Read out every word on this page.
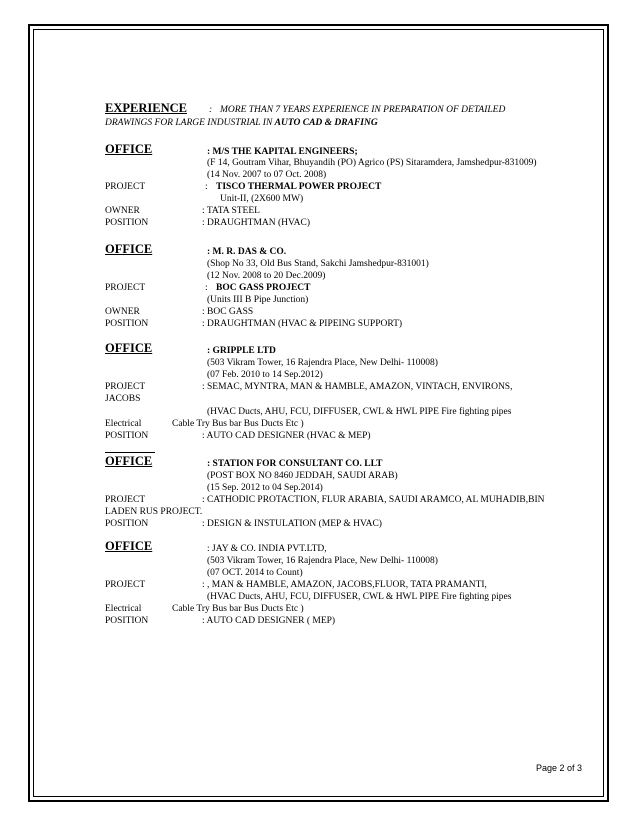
EXPERIENCE : MORE THAN 7 YEARS EXPERIENCE IN PREPARATION OF DETAILED
DRAWINGS FOR LARGE INDUSTRIAL IN AUTO CAD & DRAFING
OFFICE	: M/S THE KAPITAL ENGINEERS;
(F 14, Goutram Vihar, Bhuyandih (PO) Agrico (PS) Sitaramdera, Jamshedpur-831009)
(14 Nov. 2007 to 07 Oct. 2008)
PROJECT	: TISCO THERMAL POWER PROJECT
Unit-II, (2X600 MW)
OWNER	: TATA STEEL
POSITION	: DRAUGHTMAN (HVAC)
OFFICE	: M. R. DAS & CO.
(Shop No 33, Old Bus Stand, Sakchi Jamshedpur-831001)
(12 Nov. 2008 to 20 Dec.2009)
PROJECT	: BOC GASS PROJECT
(Units III B Pipe Junction)
OWNER	: BOC GASS
POSITION	: DRAUGHTMAN (HVAC & PIPEING SUPPORT)
OFFICE	: GRIPPLE LTD
(503 Vikram Tower, 16 Rajendra Place, New Delhi- 110008)
(07 Feb. 2010 to 14 Sep.2012)
PROJECT	: SEMAC, MYNTRA, MAN & HAMBLE, AMAZON, VINTACH, ENVIRONS,
JACOBS
(HVAC Ducts, AHU, FCU, DIFFUSER, CWL & HWL PIPE Fire fighting pipes
Electrical	Cable Try Bus bar Bus Ducts Etc )
POSITION	: AUTO CAD DESIGNER (HVAC & MEP)
OFFICE	: STATION FOR CONSULTANT CO. LLT
(POST BOX NO 8460 JEDDAH, SAUDI ARAB)
(15 Sep. 2012 to 04 Sep.2014)
PROJECT	: CATHODIC PROTACTION, FLUR ARABIA, SAUDI ARAMCO, AL MUHADIB,BIN
LADEN RUS PROJECT.
POSITION	: DESIGN & INSTULATION (MEP & HVAC)
OFFICE	: JAY & CO. INDIA PVT.LTD,
(503 Vikram Tower, 16 Rajendra Place, New Delhi- 110008)
(07 OCT. 2014 to Count)
PROJECT	: , MAN & HAMBLE, AMAZON, JACOBS,FLUOR, TATA PRAMANTI,
(HVAC Ducts, AHU, FCU, DIFFUSER, CWL & HWL PIPE Fire fighting pipes
Electrical	Cable Try Bus bar Bus Ducts Etc )
POSITION	: AUTO CAD DESIGNER ( MEP)
Page 2 of 3
